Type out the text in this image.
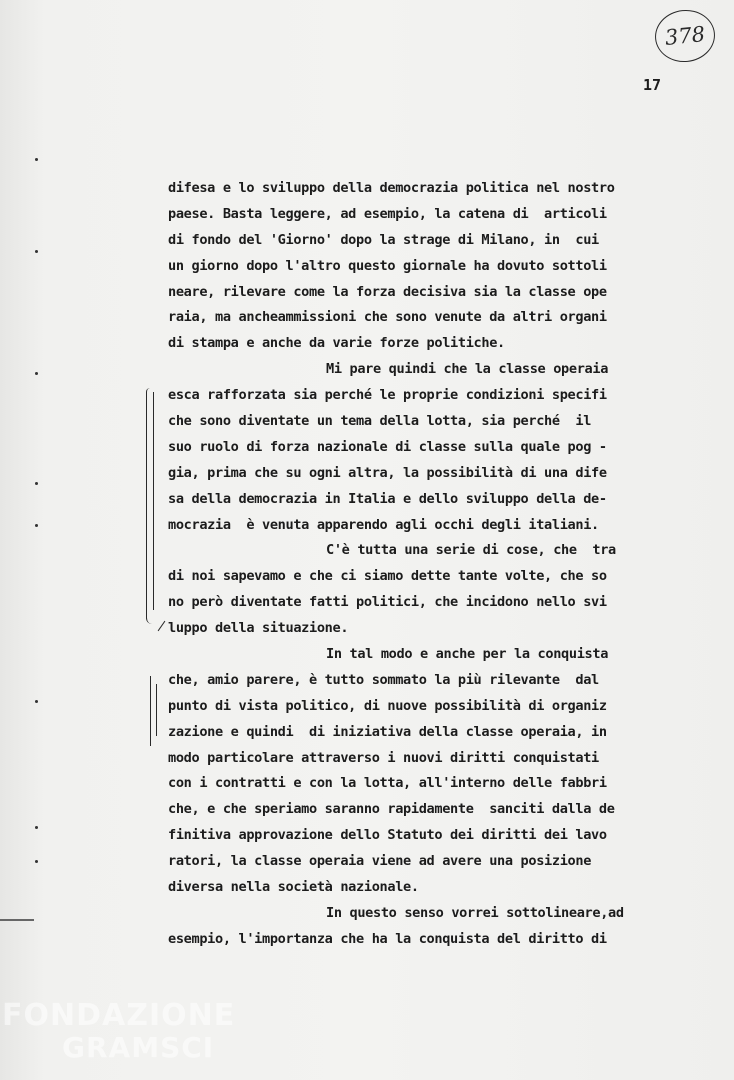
378
17
difesa e lo sviluppo della democrazia politica nel nostro
paese. Basta leggere, ad esempio, la catena di  articoli
di fondo del 'Giorno' dopo la strage di Milano, in  cui
un giorno dopo l'altro questo giornale ha dovuto sottoli
neare, rilevare come la forza decisiva sia la classe ope
raia, ma ancheammissioni che sono venute da altri organi
di stampa e anche da varie forze politiche.
Mi pare quindi che la classe operaia
esca rafforzata sia perché le proprie condizioni specifi
che sono diventate un tema della lotta, sia perché  il
suo ruolo di forza nazionale di classe sulla quale pog -
gia, prima che su ogni altra, la possibilità di una dife
sa della democrazia in Italia e dello sviluppo della de-
mocrazia  è venuta apparendo agli occhi degli italiani.
C'è tutta una serie di cose, che  tra
di noi sapevamo e che ci siamo dette tante volte, che so
no però diventate fatti politici, che incidono nello svi
luppo della situazione.
In tal modo e anche per la conquista
che, amio parere, è tutto sommato la più rilevante  dal
punto di vista politico, di nuove possibilità di organiz
zazione e quindi  di iniziativa della classe operaia, in
modo particolare attraverso i nuovi diritti conquistati
con i contratti e con la lotta, all'interno delle fabbri
che, e che speriamo saranno rapidamente  sanciti dalla de
finitiva approvazione dello Statuto dei diritti dei lavo
ratori, la classe operaia viene ad avere una posizione
diversa nella società nazionale.
In questo senso vorrei sottolineare,ad
esempio, l'importanza che ha la conquista del diritto di
FONDAZIONE
GRAMSCI
